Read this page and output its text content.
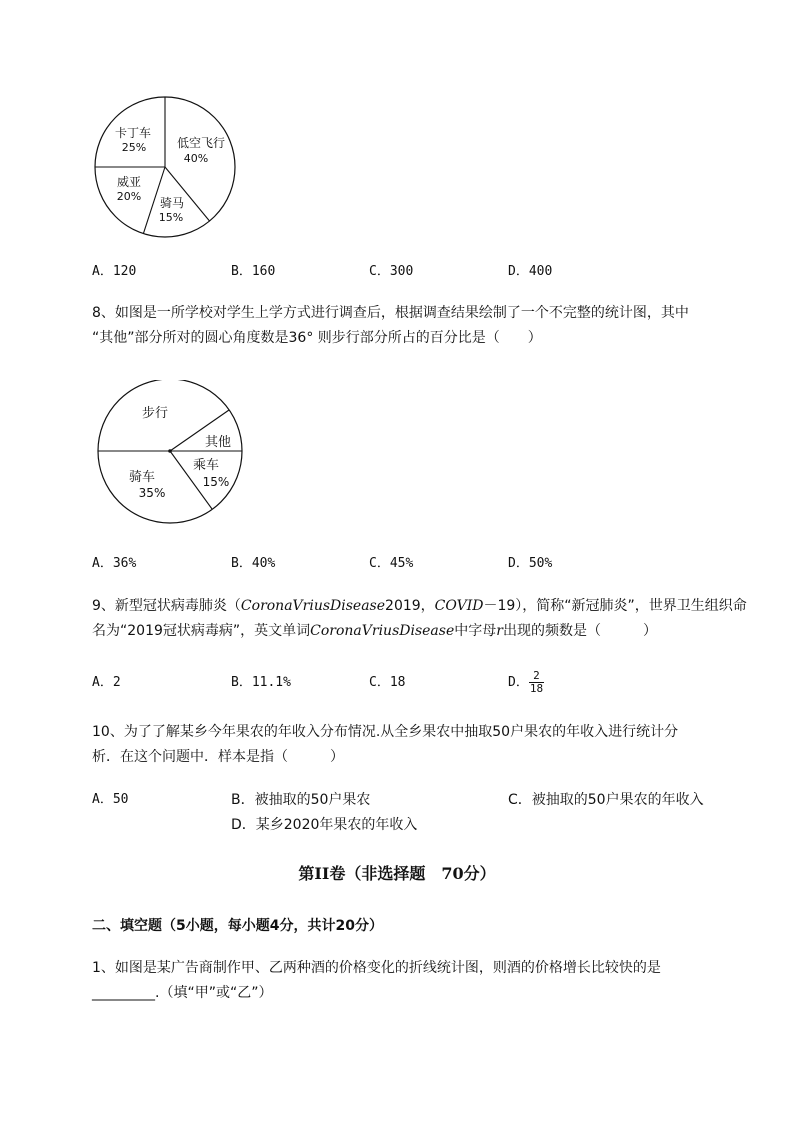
低空飞行
40%
骑马
15%
威亚
20%
卡丁车
25%
A．120	B．160	C．300	D．400
8、如图是一所学校对学生上学方式进行调查后，根据调查结果绘制了一个不完整的统计图，其中
“其他”部分所对的圆心角度数是36° 则步行部分所占的百分比是（　　）
步行
其他
乘车
15%
骑车
35%
A．36%	B．40%	C．45%	D．50%
9、新型冠状病毒肺炎（CoronaVriusDisease2019，COVID－19），简称“新冠肺炎”，世界卫生组织命
名为“2019冠状病毒病”，英文单词CoronaVriusDisease中字母r出现的频数是（　　　）
A．2	B．11.1%	C．18	D． $\frac{2}{18}$
10、为了了解某乡今年果农的年收入分布情况.从全乡果农中抽取50户果农的年收入进行统计分
析．在这个问题中．样本是指（　　　）
A．50	B．被抽取的50户果农	C．被抽取的50户果农的年收入
D．某乡2020年果农的年收入
第II卷（非选择题　70分）
二、填空题（5小题，每小题4分，共计20分）
1、如图是某广告商制作甲、乙两种酒的价格变化的折线统计图，则酒的价格增长比较快的是
_________.（填“甲”或“乙”）
